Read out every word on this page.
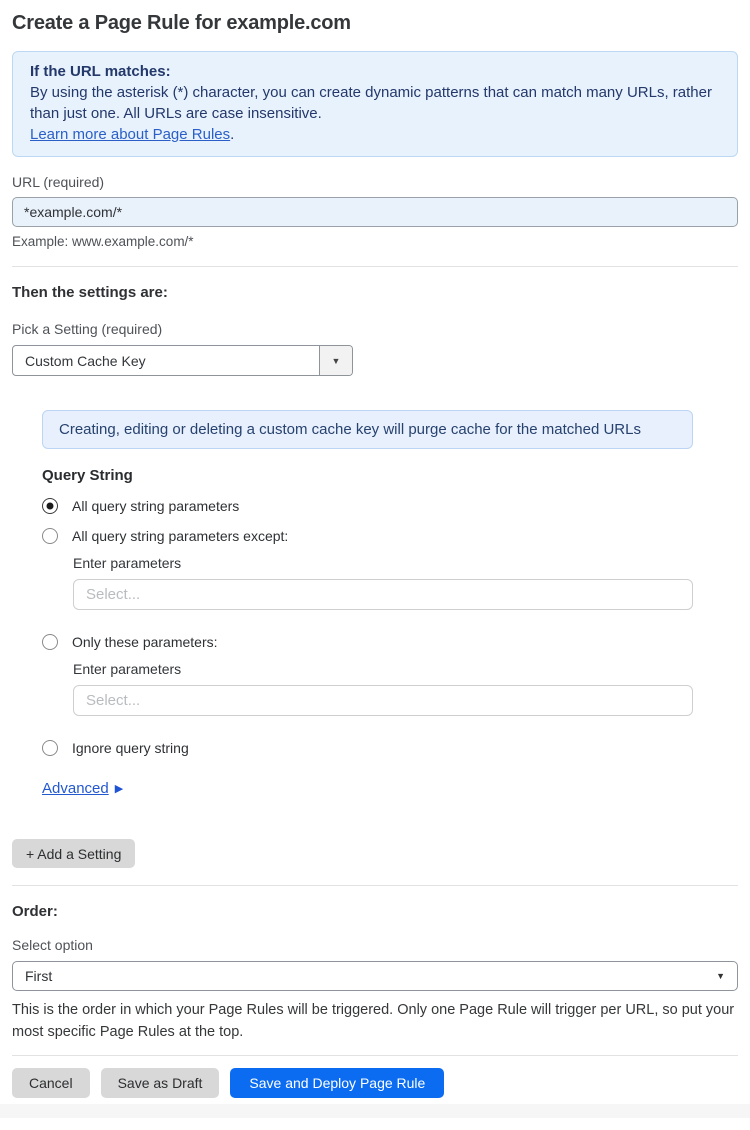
Create a Page Rule for example.com
If the URL matches:
By using the asterisk (*) character, you can create dynamic patterns that can match many URLs, rather than just one. All URLs are case insensitive.
Learn more about Page Rules.
URL (required)
*example.com/*
Example: www.example.com/*
Then the settings are:
Pick a Setting (required)
Custom Cache Key	▼
Creating, editing or deleting a custom cache key will purge cache for the matched URLs
Query String
All query string parameters
All query string parameters except:
Enter parameters
Select...
Only these parameters:
Enter parameters
Select...
Ignore query string
Advanced ▶
+ Add a Setting
Order:
Select option
First	▼

This is the order in which your Page Rules will be triggered. Only one Page Rule will trigger per URL, so put your most specific Page Rules at the top.

Cancel	Save as Draft	Save and Deploy Page Rule
